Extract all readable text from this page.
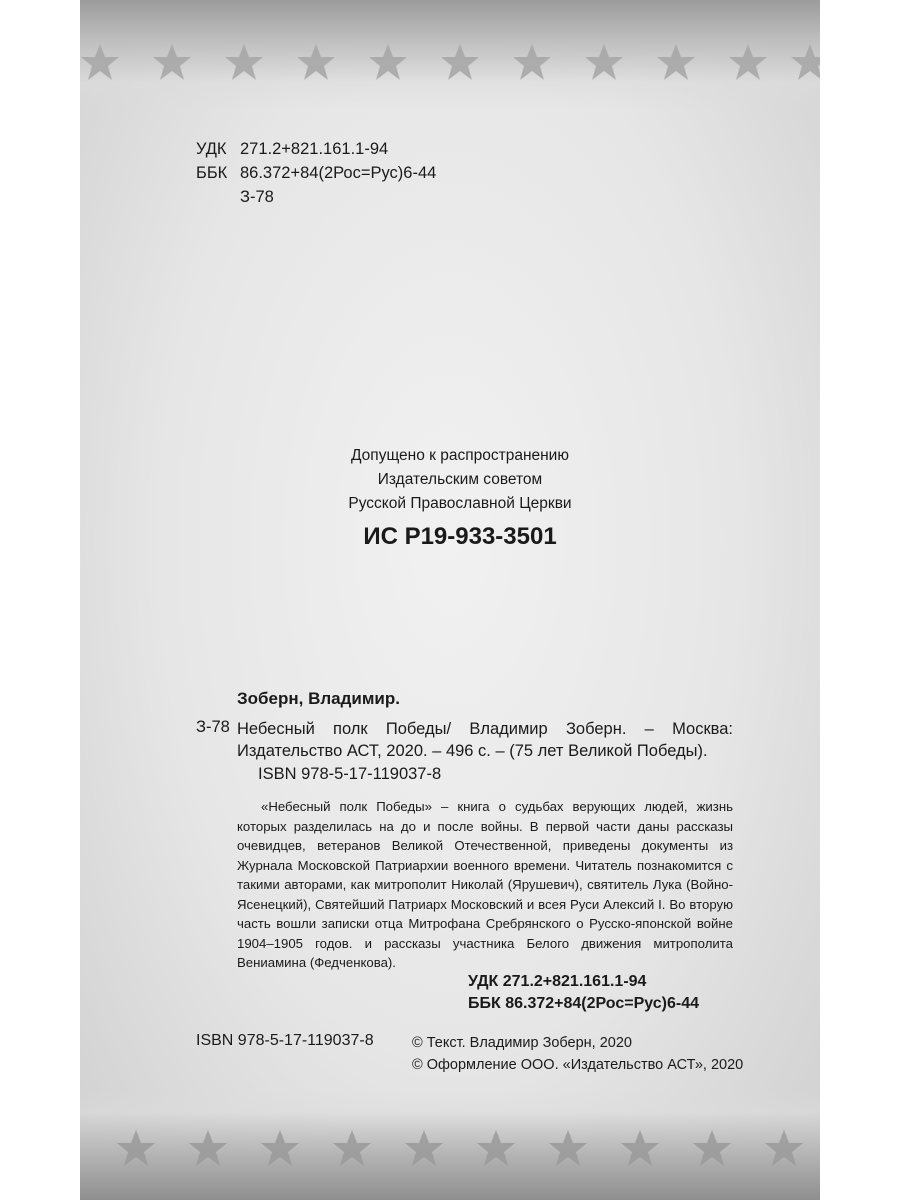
УДК 271.2+821.161.1-94
ББК 86.372+84(2Рос=Рус)6-44
З-78
Допущено к распространению
Издательским советом
Русской Православной Церкви
ИС Р19-933-3501
Зоберн, Владимир.
З-78 Небесный полк Победы/ Владимир Зоберн. – Москва:
Издательство АСТ, 2020. – 496 с. – (75 лет Великой Победы).
ISBN 978-5-17-119037-8

«Небесный полк Победы» – книга о судьбах верующих людей, жизнь которых разделилась на до и после войны. В первой части даны рассказы очевидцев, ветеранов Великой Отечественной, приведены документы из Журнала Московской Патриархии военного времени. Читатель познакомится с такими авторами, как митрополит Николай (Ярушевич), святитель Лука (Войно-Ясенецкий), Святейший Патриарх Московский и всея Руси Алексий I. Во вторую часть вошли записки отца Митрофана Сребрянского о Русско-японской войне 1904–1905 годов. и рассказы участника Белого движения митрополита Вениамина (Федченкова).

УДК 271.2+821.161.1-94
ББК 86.372+84(2Рос=Рус)6-44
ISBN 978-5-17-119037-8	© Текст. Владимир Зоберн, 2020
© Оформление ООО. «Издательство АСТ», 2020
